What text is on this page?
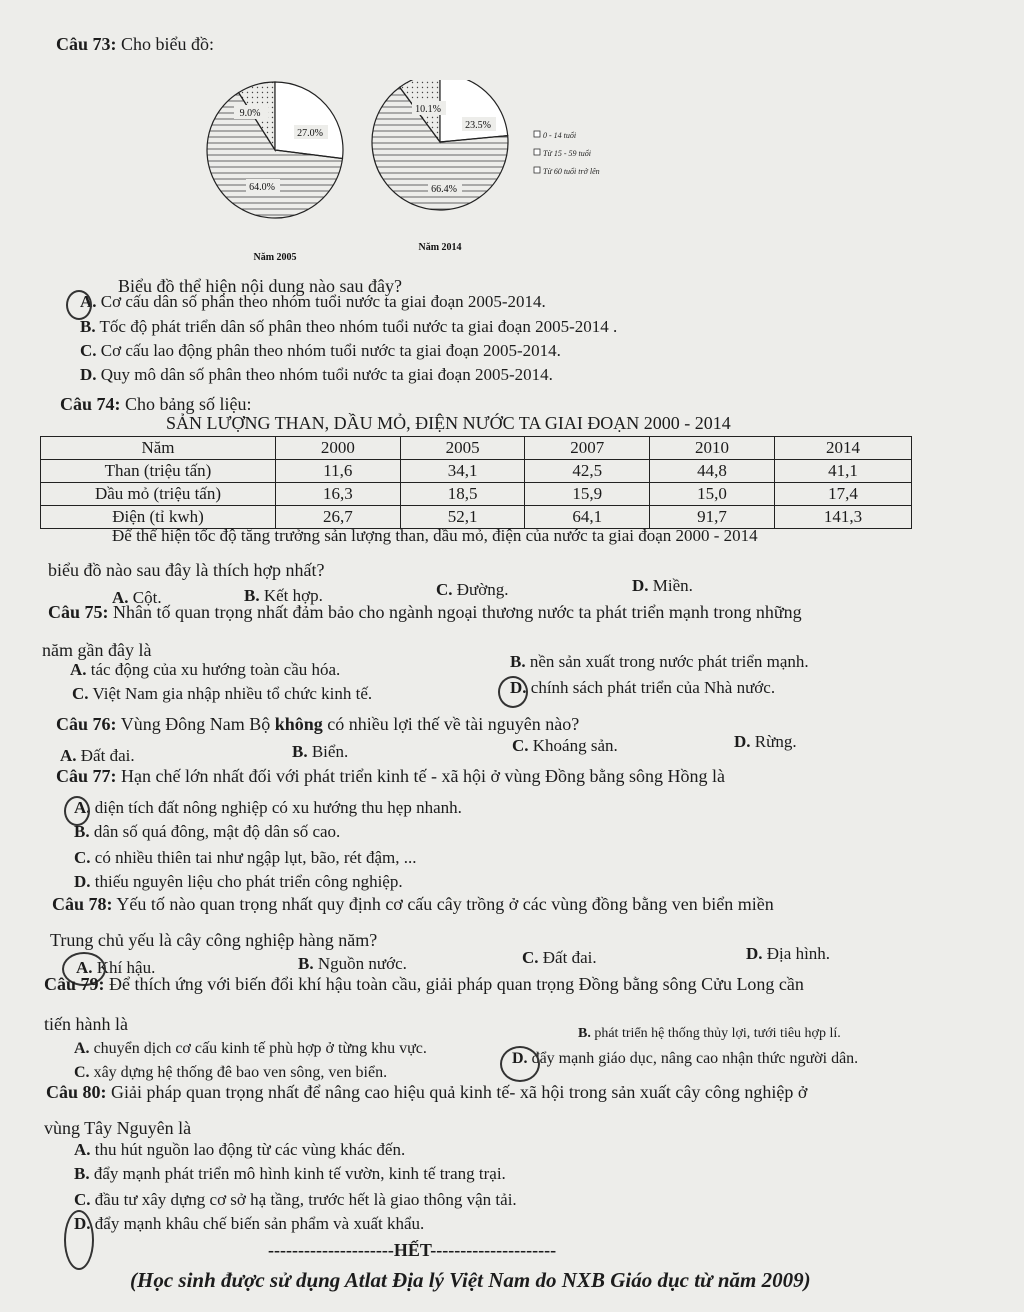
Câu 73: Cho biểu đồ:
27.0%
64.0%
9.0%
Năm 2005
23.5%
66.4%
10.1%
Năm 2014
0 - 14 tuổi
Từ 15 - 59 tuổi
Từ 60 tuổi trở lên
Biểu đồ thể hiện nội dung nào sau đây?
A. Cơ cấu dân số phân theo nhóm tuổi nước ta giai đoạn 2005-2014.
B. Tốc độ phát triển dân số phân theo nhóm tuổi nước ta giai đoạn 2005-2014 .
C. Cơ cấu lao động phân theo nhóm tuổi nước ta giai đoạn 2005-2014.
D. Quy mô dân số phân theo nhóm tuổi nước ta giai đoạn 2005-2014.
Câu 74: Cho bảng số liệu:
SẢN LƯỢNG THAN, DẦU MỎ, ĐIỆN NƯỚC TA GIAI ĐOẠN 2000 - 2014
Năm	2000	2005	2007	2010	2014
Than (triệu tấn)	11,6	34,1	42,5	44,8	41,1
Dầu mỏ (triệu tấn)	16,3	18,5	15,9	15,0	17,4
Điện (tỉ kwh)	26,7	52,1	64,1	91,7	141,3
Để thể hiện tốc độ tăng trưởng sản lượng than, dầu mỏ, điện của nước ta giai đoạn 2000 - 2014
biểu đồ nào sau đây là thích hợp nhất?
A. Cột.	B. Kết hợp.	C. Đường.	D. Miền.
Câu 75: Nhân tố quan trọng nhất đảm bảo cho ngành ngoại thương nước ta phát triển mạnh trong những
năm gần đây là
A. tác động của xu hướng toàn cầu hóa.	B. nền sản xuất trong nước phát triển mạnh.
C. Việt Nam gia nhập nhiều tổ chức kinh tế.	D. chính sách phát triển của Nhà nước.
Câu 76: Vùng Đông Nam Bộ không có nhiều lợi thế về tài nguyên nào?
A. Đất đai.	B. Biển.	C. Khoáng sản.	D. Rừng.
Câu 77: Hạn chế lớn nhất đối với phát triển kinh tế - xã hội ở vùng Đồng bằng sông Hồng là
A. diện tích đất nông nghiệp có xu hướng thu hẹp nhanh.
B. dân số quá đông, mật độ dân số cao.
C. có nhiều thiên tai như ngập lụt, bão, rét đậm, ...
D. thiếu nguyên liệu cho phát triển công nghiệp.
Câu 78: Yếu tố nào quan trọng nhất quy định cơ cấu cây trồng ở các vùng đồng bằng ven biển miền
Trung chủ yếu là cây công nghiệp hàng năm?
A. Khí hậu.	B. Nguồn nước.	C. Đất đai.	D. Địa hình.
Câu 79: Để thích ứng với biến đổi khí hậu toàn cầu, giải pháp quan trọng Đồng bằng sông Cửu Long cần
tiến hành là
A. chuyển dịch cơ cấu kinh tế phù hợp ở từng khu vực.
B. phát triển hệ thống thủy lợi, tưới tiêu hợp lí.
C. xây dựng hệ thống đê bao ven sông, ven biển.
D. đẩy mạnh giáo dục, nâng cao nhận thức người dân.
Câu 80: Giải pháp quan trọng nhất để nâng cao hiệu quả kinh tế- xã hội trong sản xuất cây công nghiệp ở
vùng Tây Nguyên là
A. thu hút nguồn lao động từ các vùng khác đến.
B. đẩy mạnh phát triển mô hình kinh tế vườn, kinh tế trang trại.
C. đầu tư xây dựng cơ sở hạ tầng, trước hết là giao thông vận tải.
D. đẩy mạnh khâu chế biến sản phẩm và xuất khẩu.
---------------------HẾT---------------------
(Học sinh được sử dụng Atlat Địa lý Việt Nam do NXB Giáo dục từ năm 2009)
